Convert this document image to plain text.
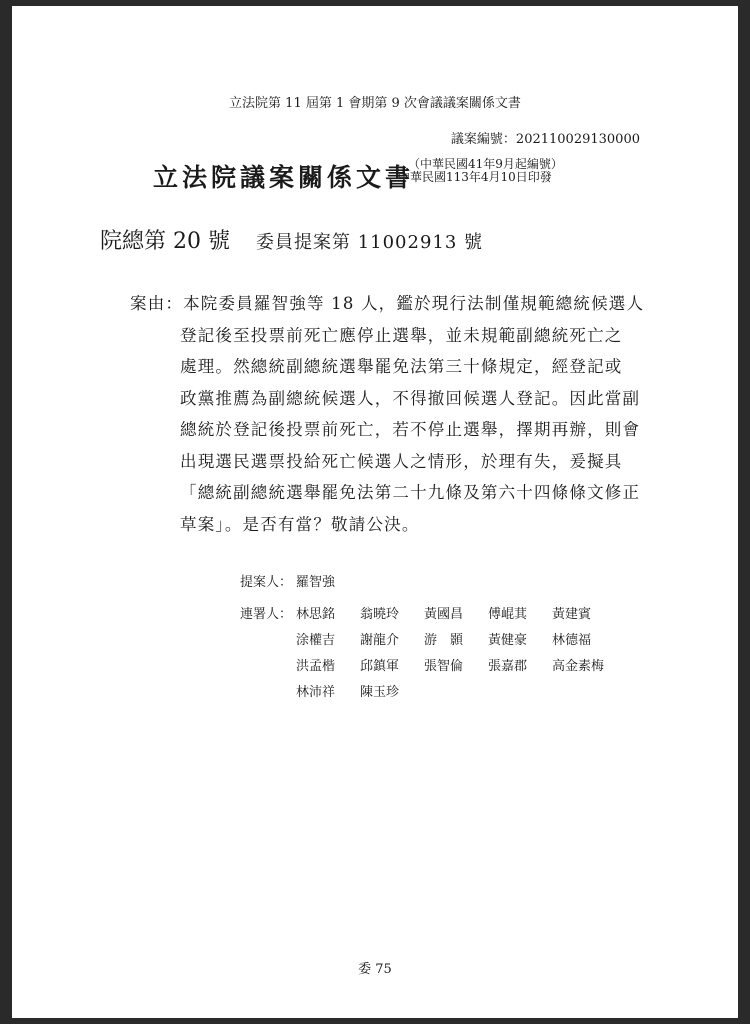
立法院第 11 屆第 1 會期第 9 次會議議案關係文書
議案編號：202110029130000
立法院議案關係文書
（中華民國41年9月起編號）
中華民國113年4月10日印發
院總第 20 號 委員提案第 11002913 號
案由：本院委員羅智強等 18 人，鑑於現行法制僅規範總統候選人
登記後至投票前死亡應停止選舉，並未規範副總統死亡之
處理。然總統副總統選舉罷免法第三十條規定，經登記或
政黨推薦為副總統候選人，不得撤回候選人登記。因此當副
總統於登記後投票前死亡，若不停止選舉，擇期再辦，則會
出現選民選票投給死亡候選人之情形，於理有失，爰擬具
「總統副總統選舉罷免法第二十九條及第六十四條條文修正
草案」。是否有當？敬請公決。
提案人： 羅智強
連署人： 林思銘 翁曉玲 黃國昌 傅崐萁 黃建賓
涂權吉 謝龍介 游　顥 黃健豪 林德福
洪孟楷 邱鎮軍 張智倫 張嘉郡 高金素梅
林沛祥 陳玉珍
委 75
